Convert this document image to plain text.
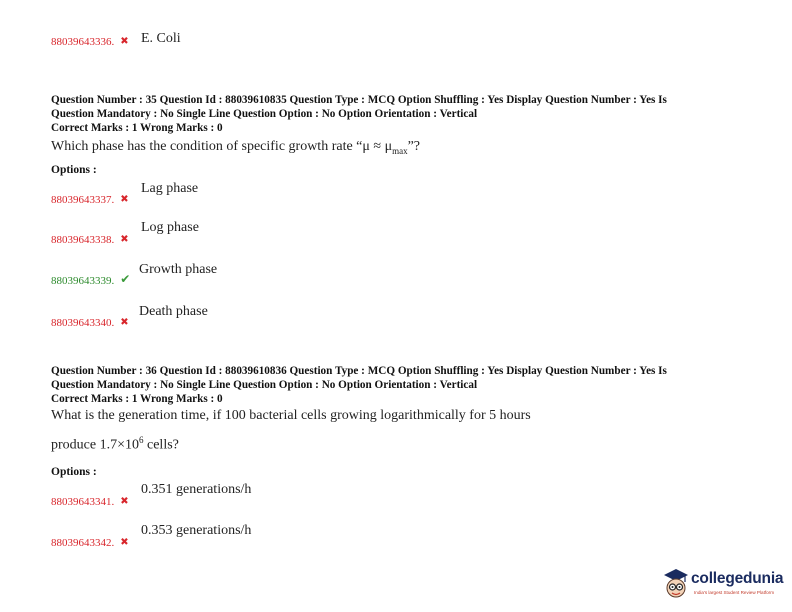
88039643336. ✖ E. Coli
Question Number : 35 Question Id : 88039610835 Question Type : MCQ Option Shuffling : Yes Display Question Number : Yes Is
Question Mandatory : No Single Line Question Option : No Option Orientation : Vertical
Correct Marks : 1 Wrong Marks : 0
Which phase has the condition of specific growth rate “$\mu \approx \mu_{max}$”?
Options :
88039643337. ✖
Lag phase
88039643338. ✖
Log phase
88039643339. ✔
Growth phase
88039643340. ✖
Death phase
Question Number : 36 Question Id : 88039610836 Question Type : MCQ Option Shuffling : Yes Display Question Number : Yes Is
Question Mandatory : No Single Line Question Option : No Option Orientation : Vertical
Correct Marks : 1 Wrong Marks : 0
What is the generation time, if 100 bacterial cells growing logarithmically for 5 hours
produce $1.7\times 10^6$ cells?
Options :
88039643341. ✖
0.351 generations/h
88039643342. ✖
0.353 generations/h
collegedunia
India's largest Student Review Platform
